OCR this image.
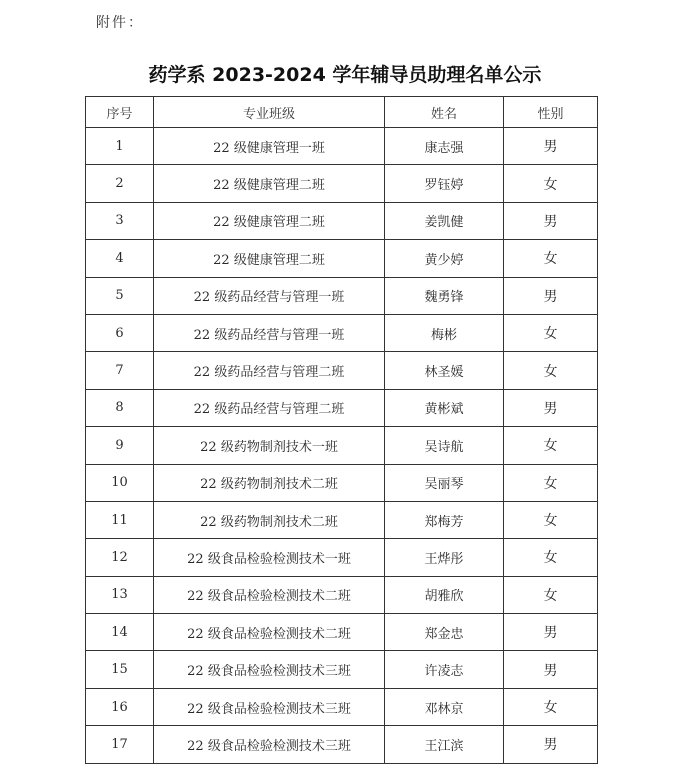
附件：
药学系 2023-2024 学年辅导员助理名单公示
序号	专业班级	姓名	性别
1	22 级健康管理一班	康志强	男
2	22 级健康管理二班	罗钰婷	女
3	22 级健康管理二班	姜凯健	男
4	22 级健康管理二班	黄少婷	女
5	22 级药品经营与管理一班	魏勇锋	男
6	22 级药品经营与管理一班	梅彬	女
7	22 级药品经营与管理二班	林圣媛	女
8	22 级药品经营与管理二班	黄彬斌	男
9	22 级药物制剂技术一班	吴诗航	女
10	22 级药物制剂技术二班	吴丽琴	女
11	22 级药物制剂技术二班	郑梅芳	女
12	22 级食品检验检测技术一班	王烨彤	女
13	22 级食品检验检测技术二班	胡雅欣	女
14	22 级食品检验检测技术二班	郑金忠	男
15	22 级食品检验检测技术三班	许凌志	男
16	22 级食品检验检测技术三班	邓林京	女
17	22 级食品检验检测技术三班	王江滨	男
